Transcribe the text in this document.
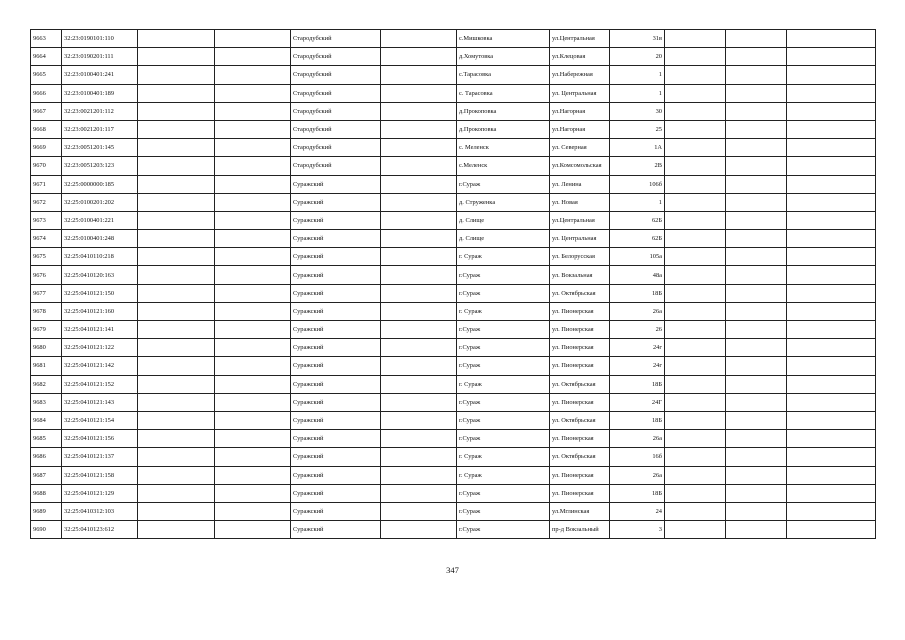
9663	32:23:0190101:110			Стародубский		с.Мишковка	ул.Центральная	31в			
9664	32:23:0190201:111			Стародубский		д.Хомутовка	ул.Клецовая	20			
9665	32:23:0100401:241			Стародубский		с.Тарасовка	ул.Набережная	1			
9666	32:23:0100401:189			Стародубский		с. Тарасовка	ул. Центральная	1			
9667	32:23:0021201:112			Стародубский		д.Прокоповка	ул.Нагорная	30			
9668	32:23:0021201:117			Стародубский		д.Прокоповка	ул.Нагорная	25			
9669	32:23:0051201:145			Стародубский		с. Меленск	ул. Северная	1А			
9670	32:23:0051203:123			Стародубский		с.Меленск	ул.Комсомольская	2В			
9671	32:25:0000000:185			Суражский		г.Сураж	ул. Ленина	106б			
9672	32:25:0100201:202			Суражский		д. Струженка	ул. Новая	1			
9673	32:25:0100401:221			Суражский		д. Слище	ул.Центральная	62Б			
9674	32:25:0100401:248			Суражский		д. Слище	ул. Центральная	62Б			
9675	32:25:0410110:218			Суражский		г. Сураж	ул. Белорусская	105а			
9676	32:25:0410120:163			Суражский		г.Сураж	ул. Вокзальная	48а			
9677	32:25:0410121:150			Суражский		г.Сураж	ул. Октябрьская	18Б			
9678	32:25:0410121:160			Суражский		г. Сураж	ул. Пионерская	26а			
9679	32:25:0410121:141			Суражский		г.Сураж	ул. Пионерская	26			
9680	32:25:0410121:122			Суражский		г.Сураж	ул. Пионерская	24г			
9681	32:25:0410121:142			Суражский		г.Сураж	ул. Пионерская	24г			
9682	32:25:0410121:152			Суражский		г. Сураж	ул. Октябрьская	18Б			
9683	32:25:0410121:143			Суражский		г.Сураж	ул. Пионерская	24Г			
9684	32:25:0410121:154			Суражский		г.Сураж	ул. Октябрьская	18Б			
9685	32:25:0410121:156			Суражский		г.Сураж	ул. Пионерская	26а			
9686	32:25:0410121:137			Суражский		г. Сураж	ул. Октябрьская	16б			
9687	32:25:0410121:158			Суражский		г. Сураж	ул. Пионерская	26а			
9688	32:25:0410121:129			Суражский		г.Сураж	ул. Пионерская	18Б			
9689	32:25:0410312:103			Суражский		г.Сураж	ул.Мглинская	24			
9690	32:25:0410123:612			Суражский		г.Сураж	пр-д Вокзальный	3			
347
